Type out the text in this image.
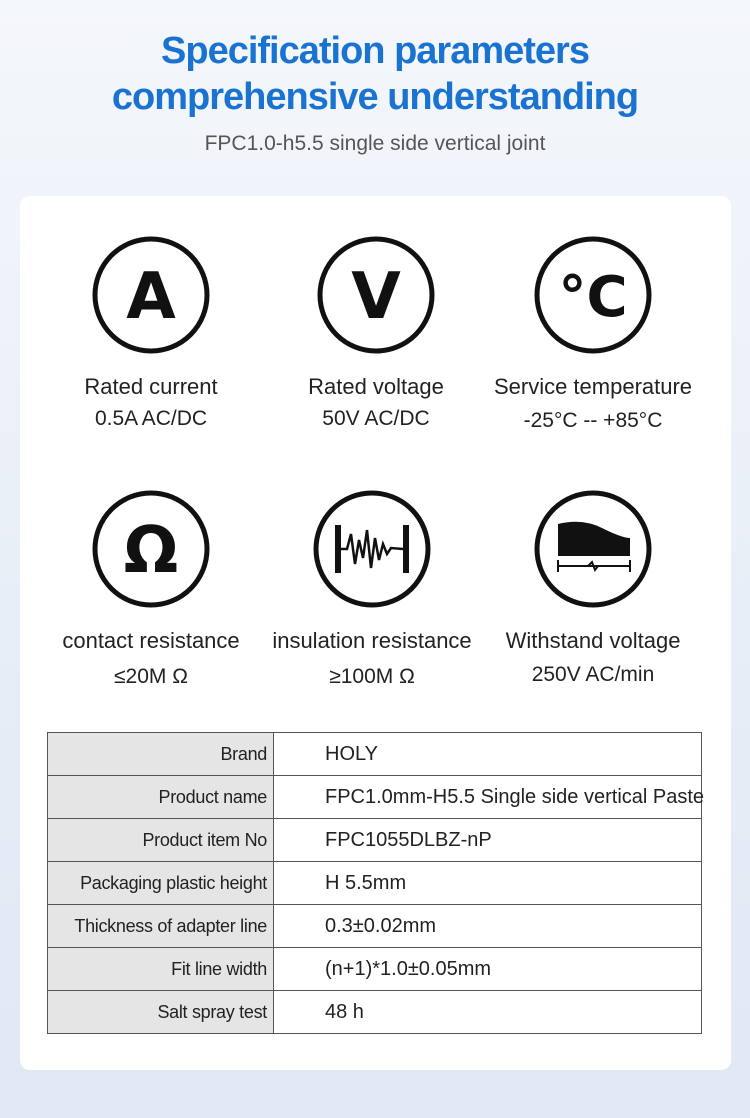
Specification parameters
comprehensive understanding
FPC1.0-h5.5 single side vertical joint
A
Rated current
0.5A AC/DC
V
Rated voltage
50V AC/DC
°C
Service temperature
-25°C -- +85°C
Ω
contact resistance
≤20M Ω
insulation resistance
≥100M Ω
Withstand voltage
250V AC/min
Brand	HOLY
Product name	FPC1.0mm-H5.5 Single side vertical Paste
Product item No	FPC1055DLBZ-nP
Packaging plastic height	H 5.5mm
Thickness of adapter line	0.3±0.02mm
Fit line width	(n+1)*1.0±0.05mm
Salt spray test	48 h
